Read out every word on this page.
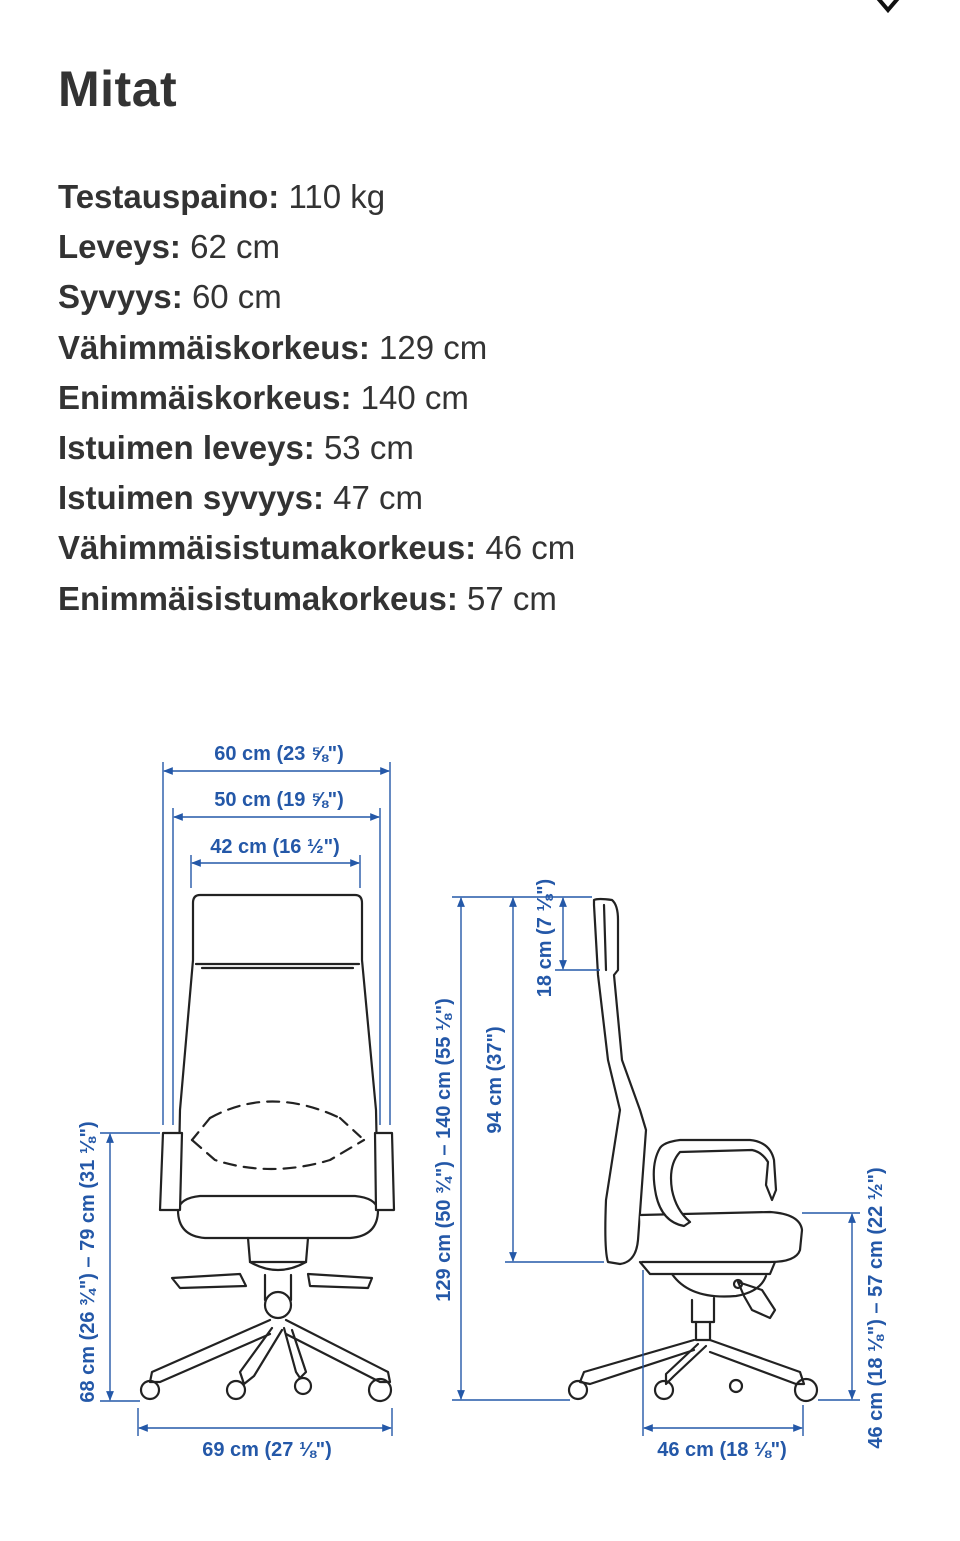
Mitat
Testauspaino: 110 kg
Leveys: 62 cm
Syvyys: 60 cm
Vähimmäiskorkeus: 129 cm
Enimmäiskorkeus: 140 cm
Istuimen leveys: 53 cm
Istuimen syvyys: 47 cm
Vähimmäisistumakorkeus: 46 cm
Enimmäisistumakorkeus: 57 cm
60 cm (23 ⅝")
50 cm (19 ⅝")
42 cm (16 ½")
69 cm (27 ⅛")
68 cm (26 ¾") – 79 cm (31 ⅛")	129 cm (50 ¾") – 140 cm (55 ⅛") 94 cm (37")
18 cm (7 ⅛")
46 cm (18 ⅛") – 57 cm (22 ½")
46 cm (18 ⅛")
